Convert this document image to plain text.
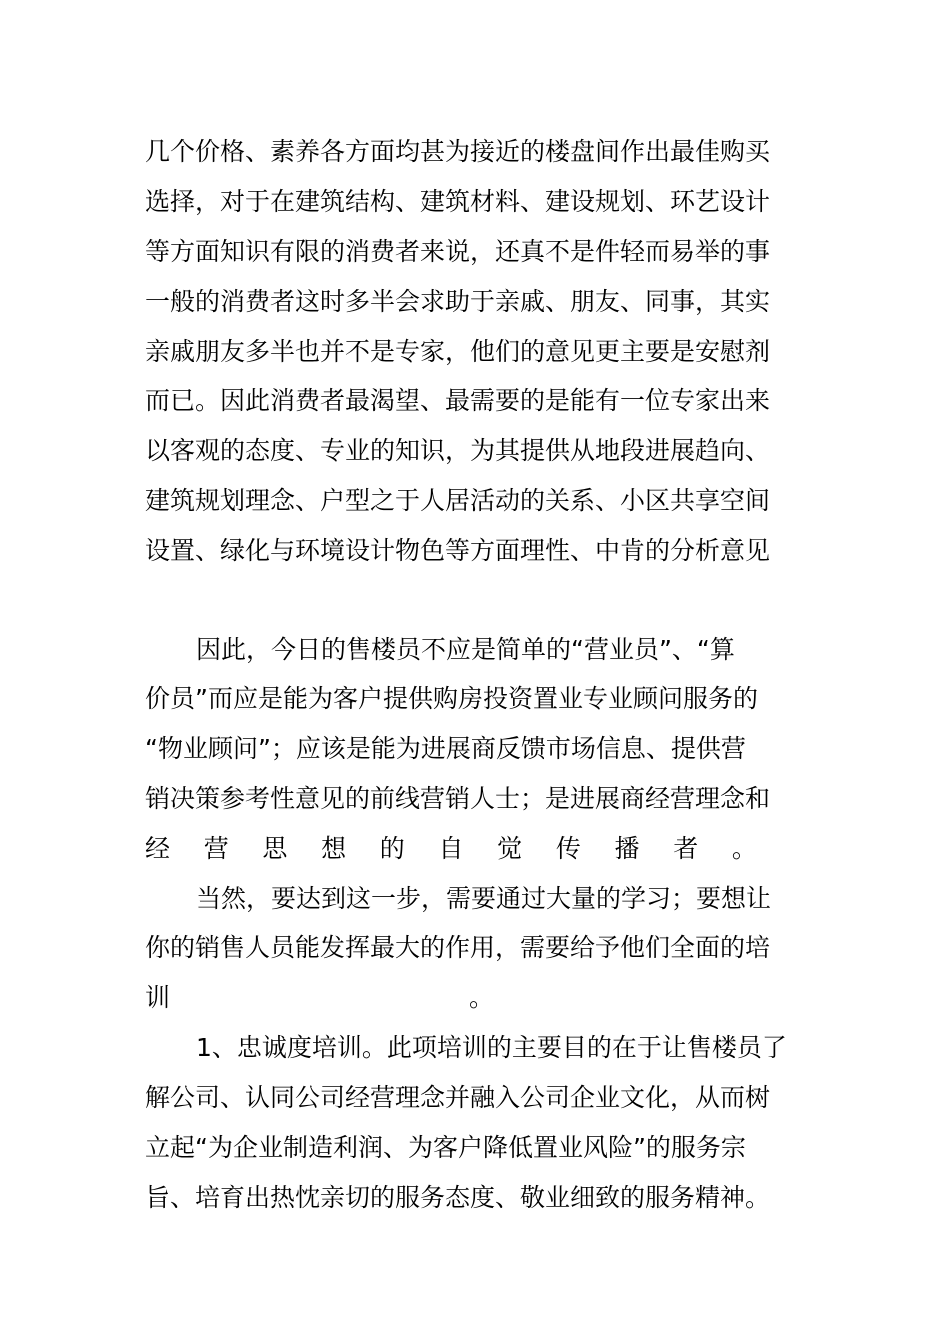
几个价格、素养各方面均甚为接近的楼盘间作出最佳购买
选择，对于在建筑结构、建筑材料、建设规划、环艺设计
等方面知识有限的消费者来说，还真不是件轻而易举的事
一般的消费者这时多半会求助于亲戚、朋友、同事，其实
亲戚朋友多半也并不是专家，他们的意见更主要是安慰剂
而已。因此消费者最渴望、最需要的是能有一位专家出来
以客观的态度、专业的知识，为其提供从地段进展趋向、
建筑规划理念、户型之于人居活动的关系、小区共享空间
设置、绿化与环境设计物色等方面理性、中肯的分析意见
因此，今日的售楼员不应是简单的“营业员”、“算
价员”而应是能为客户提供购房投资置业专业顾问服务的
“物业顾问”；应该是能为进展商反馈市场信息、提供营
销决策参考性意见的前线营销人士；是进展商经营理念和
经 营 思 想 的 自 觉 传 播 者 。
当然，要达到这一步，需要通过大量的学习；要想让
你的销售人员能发挥最大的作用，需要给予他们全面的培
训	。
1、忠诚度培训。此项培训的主要目的在于让售楼员了
解公司、认同公司经营理念并融入公司企业文化，从而树
立起“为企业制造利润、为客户降低置业风险”的服务宗
旨、培育出热忱亲切的服务态度、敬业细致的服务精神。
